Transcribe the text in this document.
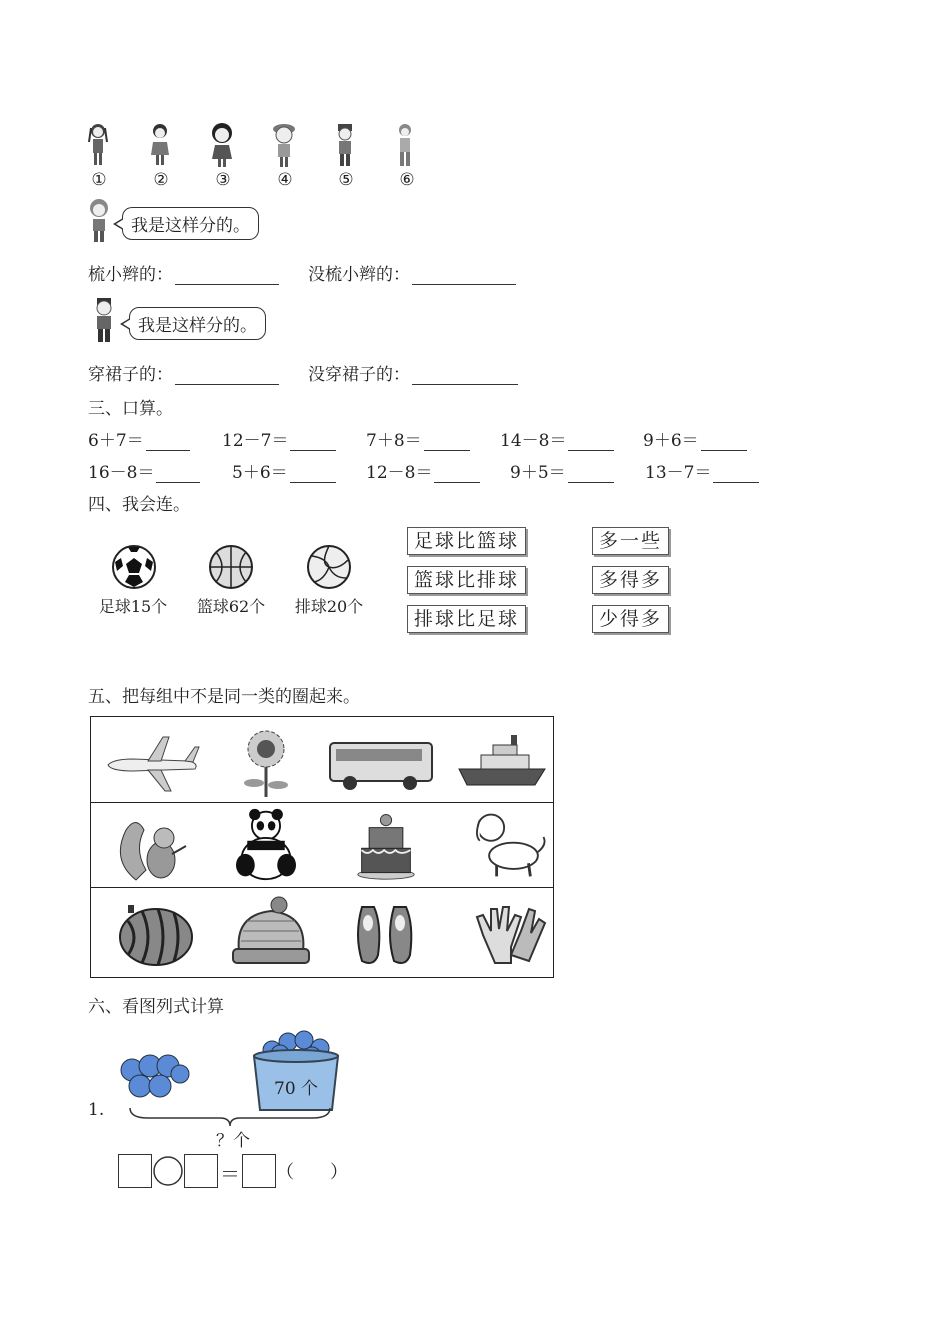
①	②	③	④	⑤	⑥
我是这样分的。
梳小辫的：	没梳小辫的：
我是这样分的。
穿裙子的：	没穿裙子的：
三、口算。
6＋7＝	12－7＝	7＋8＝	14－8＝	9＋6＝
16－8＝	5＋6＝	12－8＝	9＋5＝	13－7＝
四、我会连。
足球15个	篮球62个	排球20个
足球比篮球
篮球比排球
排球比足球
多一些
多得多
少得多
五、把每组中不是同一类的圈起来。
六、看图列式计算
70 个
1.
？个
＝ （ ）
